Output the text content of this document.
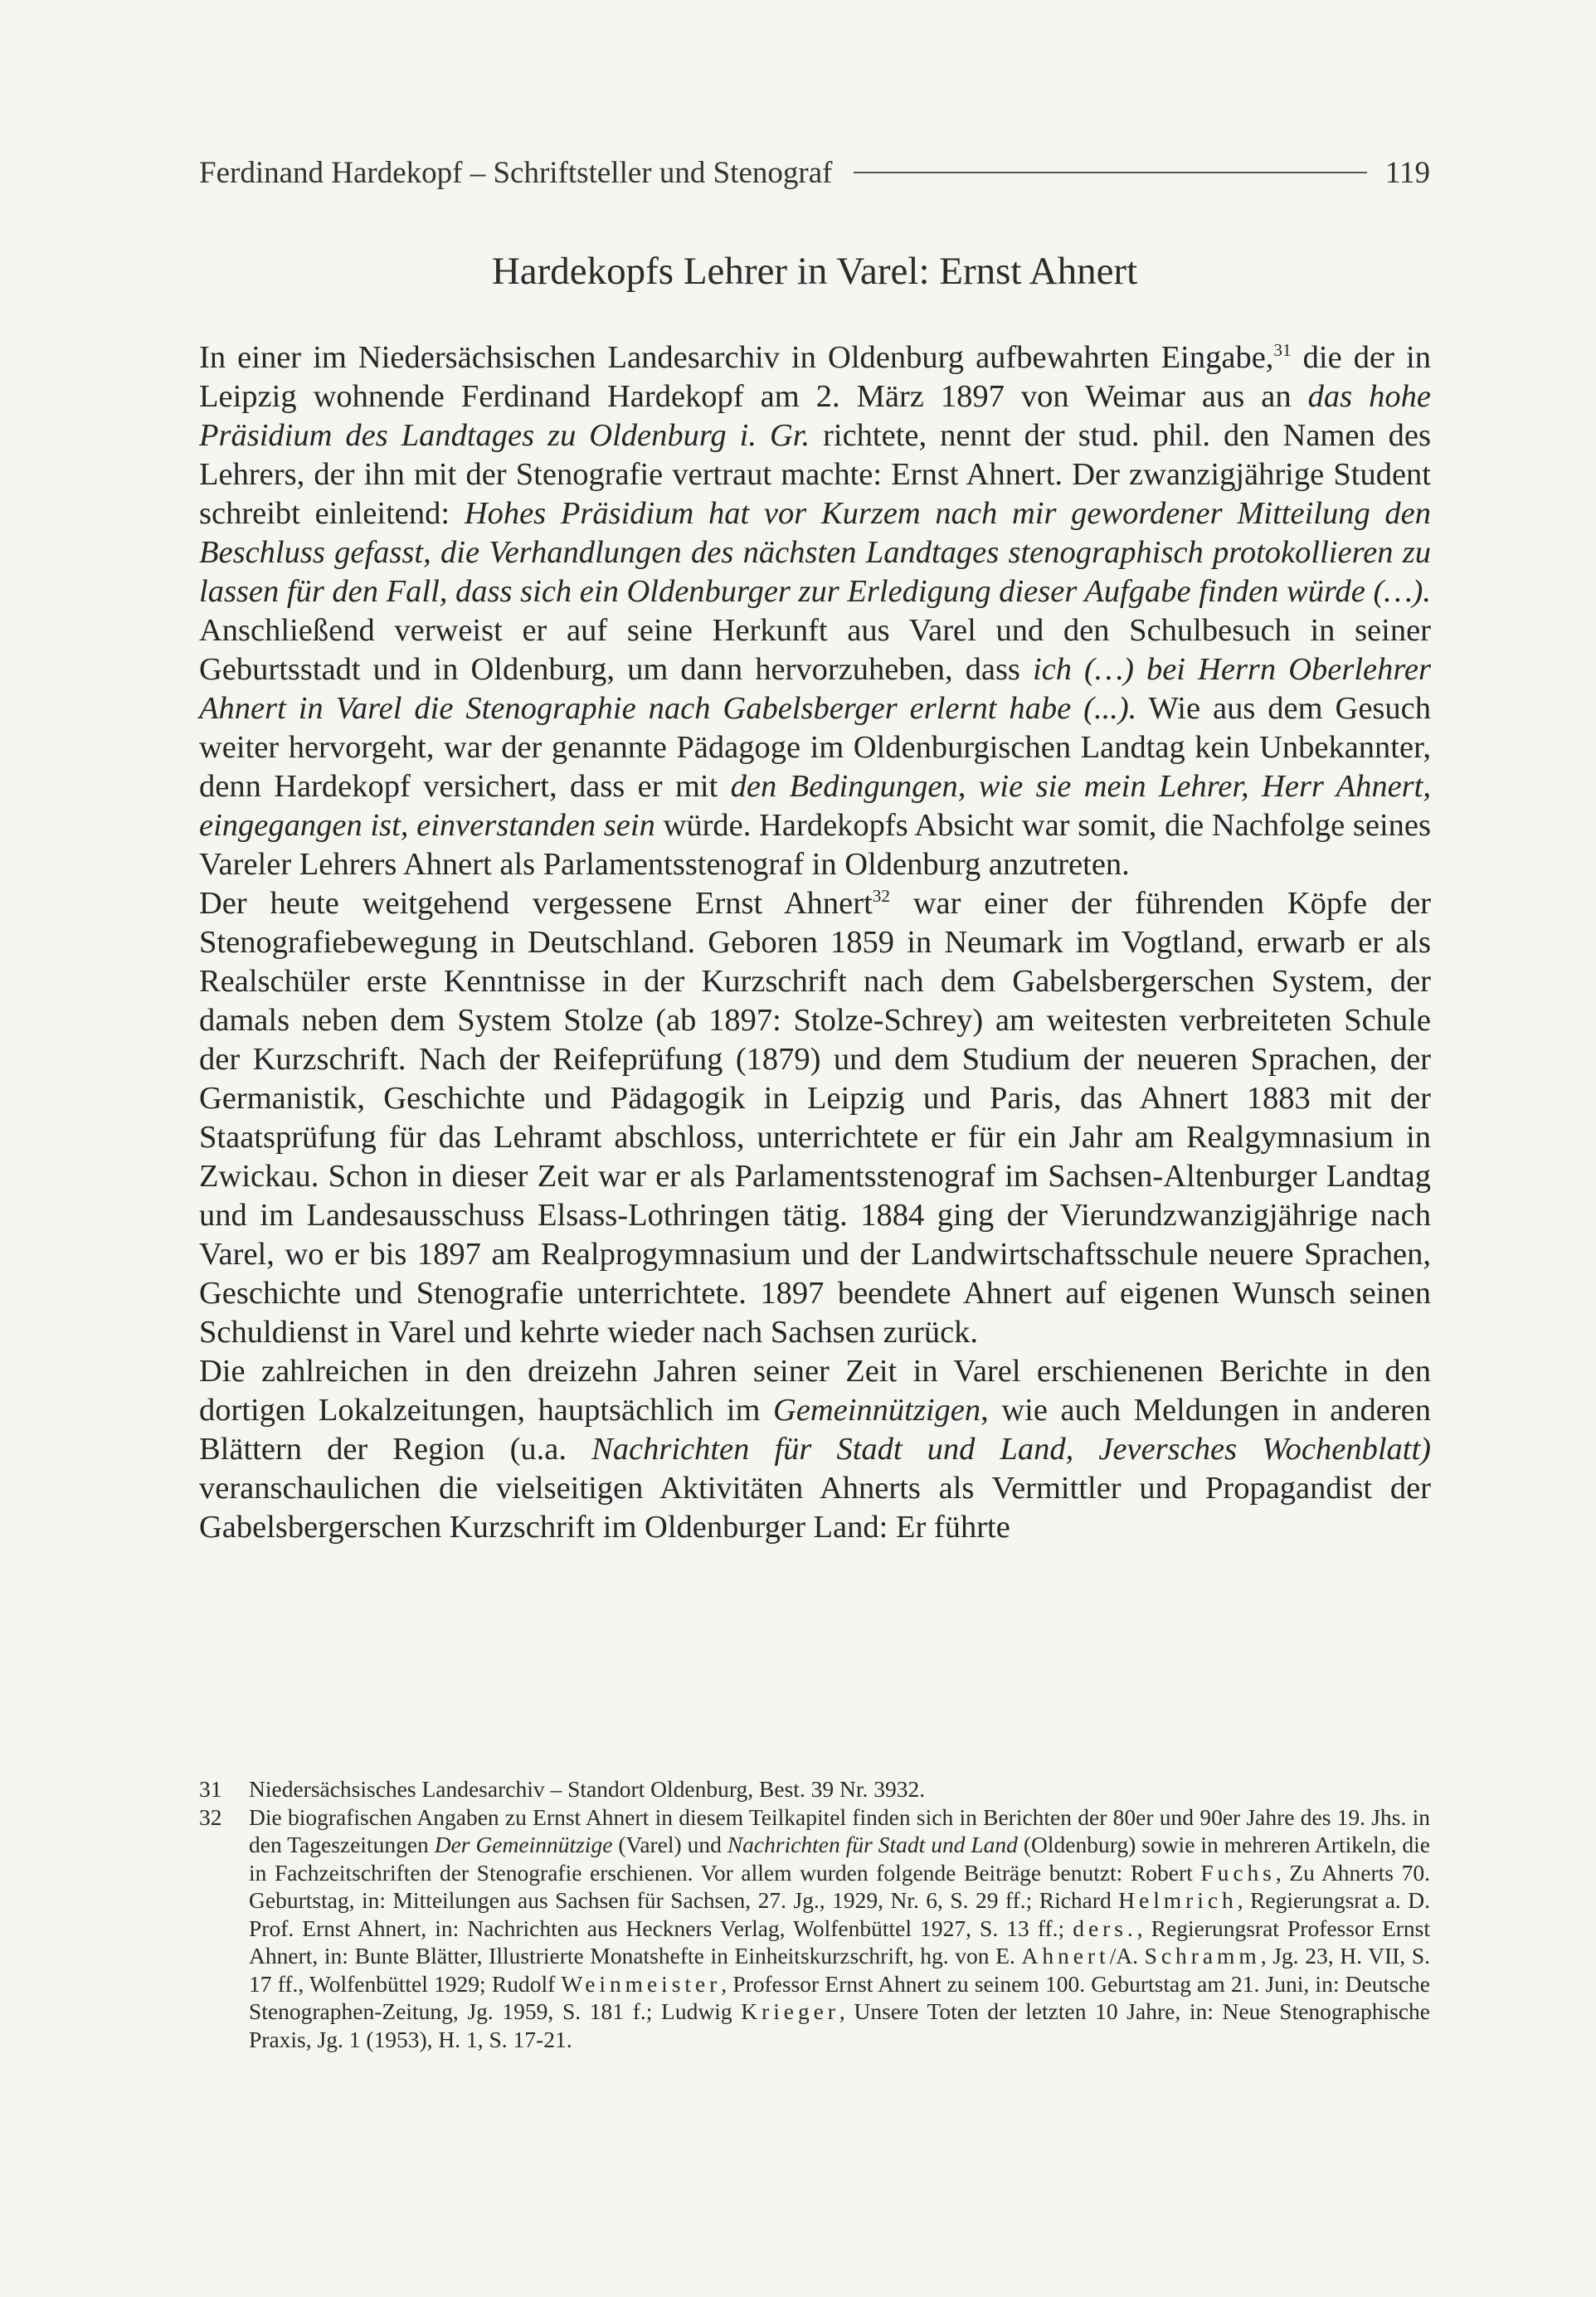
Ferdinand Hardekopf – Schriftsteller und Stenograf	119
Hardekopfs Lehrer in Varel: Ernst Ahnert

In einer im Niedersächsischen Landesarchiv in Oldenburg aufbewahrten Eingabe,$^{31}$ die der in Leipzig wohnende Ferdinand Hardekopf am 2. März 1897 von Weimar aus an das hohe Präsidium des Landtages zu Oldenburg i. Gr. richtete, nennt der stud. phil. den Namen des Lehrers, der ihn mit der Stenografie vertraut machte: Ernst Ahnert. Der zwanzigjährige Student schreibt einleitend: Hohes Präsidium hat vor Kurzem nach mir gewordener Mitteilung den Beschluss gefasst, die Verhandlungen des nächsten Landtages stenographisch protokollieren zu lassen für den Fall, dass sich ein Oldenburger zur Erledigung dieser Aufgabe finden würde (…). Anschließend verweist er auf seine Herkunft aus Varel und den Schulbesuch in seiner Geburtsstadt und in Oldenburg, um dann hervorzuheben, dass ich (…) bei Herrn Oberlehrer Ahnert in Varel die Stenographie nach Gabelsberger erlernt habe (...). Wie aus dem Gesuch weiter hervorgeht, war der genannte Pädagoge im Oldenburgischen Landtag kein Unbekannter, denn Hardekopf versichert, dass er mit den Bedingungen, wie sie mein Lehrer, Herr Ahnert, eingegangen ist, einverstanden sein würde. Hardekopfs Absicht war somit, die Nachfolge seines Vareler Lehrers Ahnert als Parlamentsstenograf in Oldenburg anzutreten.

Der heute weitgehend vergessene Ernst Ahnert$^{32}$ war einer der führenden Köpfe der Stenografiebewegung in Deutschland. Geboren 1859 in Neumark im Vogtland, erwarb er als Realschüler erste Kenntnisse in der Kurzschrift nach dem Gabelsbergerschen System, der damals neben dem System Stolze (ab 1897: Stolze-Schrey) am weitesten verbreiteten Schule der Kurzschrift. Nach der Reifeprüfung (1879) und dem Studium der neueren Sprachen, der Germanistik, Geschichte und Pädagogik in Leipzig und Paris, das Ahnert 1883 mit der Staatsprüfung für das Lehramt abschloss, unterrichtete er für ein Jahr am Realgymnasium in Zwickau. Schon in dieser Zeit war er als Parlamentsstenograf im Sachsen-Altenburger Landtag und im Landesausschuss Elsass-Lothringen tätig. 1884 ging der Vierundzwanzigjährige nach Varel, wo er bis 1897 am Realprogymnasium und der Landwirtschaftsschule neuere Sprachen, Geschichte und Stenografie unterrichtete. 1897 beendete Ahnert auf eigenen Wunsch seinen Schuldienst in Varel und kehrte wieder nach Sachsen zurück.

Die zahlreichen in den dreizehn Jahren seiner Zeit in Varel erschienenen Berichte in den dortigen Lokalzeitungen, hauptsächlich im Gemeinnützigen, wie auch Meldungen in anderen Blättern der Region (u.a. Nachrichten für Stadt und Land, Jeversches Wochenblatt) veranschaulichen die vielseitigen Aktivitäten Ahnerts als Vermittler und Propagandist der Gabelsbergerschen Kurzschrift im Oldenburger Land: Er führte

31	Niedersächsisches Landesarchiv – Standort Oldenburg, Best. 39 Nr. 3932.
32	Die biografischen Angaben zu Ernst Ahnert in diesem Teilkapitel finden sich in Berichten der 80er und 90er Jahre des 19. Jhs. in den Tageszeitungen Der Gemeinnützige (Varel) und Nachrichten für Stadt und Land (Oldenburg) sowie in mehreren Artikeln, die in Fachzeitschriften der Stenografie erschienen. Vor allem wurden folgende Beiträge benutzt: Robert Fuchs, Zu Ahnerts 70. Geburtstag, in: Mitteilungen aus Sachsen für Sachsen, 27. Jg., 1929, Nr. 6, S. 29 ff.; Richard Helmrich, Regierungsrat a. D. Prof. Ernst Ahnert, in: Nachrichten aus Heckners Verlag, Wolfenbüttel 1927, S. 13 ff.; ders., Regierungsrat Professor Ernst Ahnert, in: Bunte Blätter, Illustrierte Monatshefte in Einheitskurzschrift, hg. von E. Ahnert/A. Schramm, Jg. 23, H. VII, S. 17 ff., Wolfenbüttel 1929; Rudolf Weinmeister, Professor Ernst Ahnert zu seinem 100. Geburtstag am 21. Juni, in: Deutsche Stenographen-Zeitung, Jg. 1959, S. 181 f.; Ludwig Krieger, Unsere Toten der letzten 10 Jahre, in: Neue Stenographische Praxis, Jg. 1 (1953), H. 1, S. 17-21.
